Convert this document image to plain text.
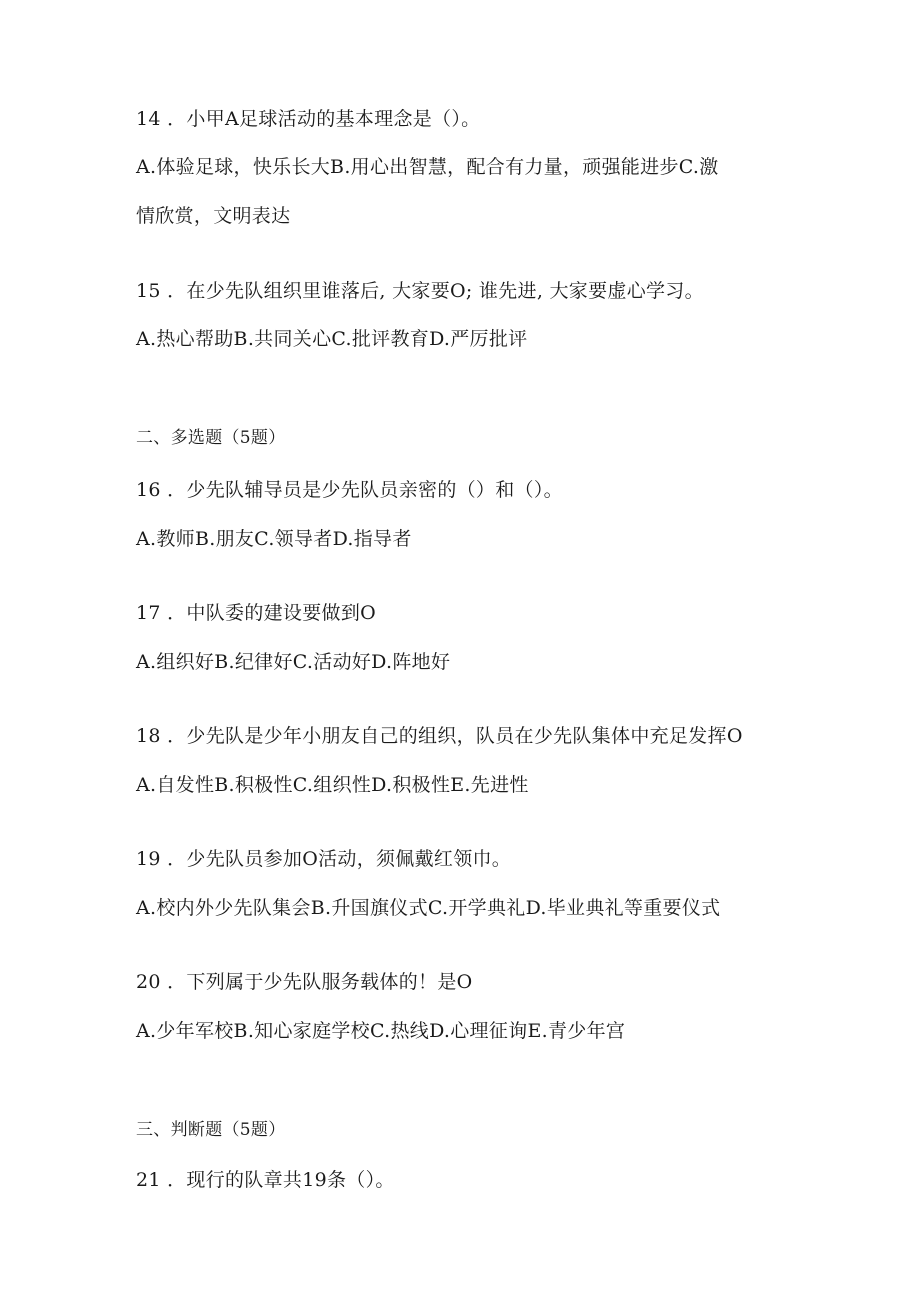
14 ．小甲A足球活动的基本理念是（）。
A.体验足球，快乐长大B.用心出智慧，配合有力量，顽强能进步C.激
情欣赏，文明表达
15 ．在少先队组织里谁落后, 大家要O; 谁先进, 大家要虚心学习。
A.热心帮助B.共同关心C.批评教育D.严厉批评
二、多选题（5题）
16 ．少先队辅导员是少先队员亲密的（）和（）。
A.教师B.朋友C.领导者D.指导者
17 ．中队委的建设要做到O
A.组织好B.纪律好C.活动好D.阵地好
18 ．少先队是少年小朋友自己的组织，队员在少先队集体中充足发挥O
A.自发性B.积极性C.组织性D.积极性E.先进性
19 ．少先队员参加O活动，须佩戴红领巾。
A.校内外少先队集会B.升国旗仪式C.开学典礼D.毕业典礼等重要仪式
20 ．下列属于少先队服务载体的！是O
A.少年军校B.知心家庭学校C.热线D.心理征询E.青少年宫
三、判断题（5题）
21 ．现行的队章共19条（）。
